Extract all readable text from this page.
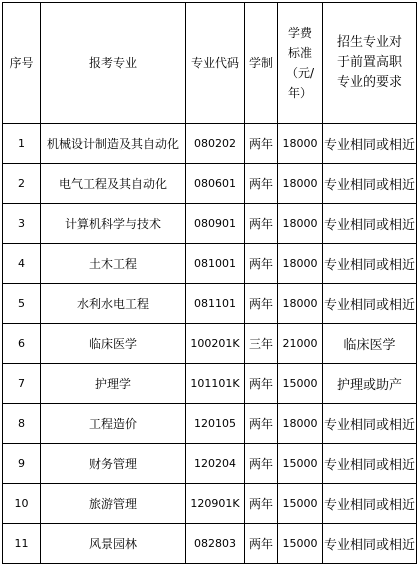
序号	报考专业	专业代码	学制	学费标准（元/年）	招生专业对于前置高职专业的要求

1	机械设计制造及其自动化	080202	两年	18000	专业相同或相近
2	电气工程及其自动化	080601	两年	18000	专业相同或相近
3	计算机科学与技术	080901	两年	18000	专业相同或相近
4	土木工程	081001	两年	18000	专业相同或相近
5	水利水电工程	081101	两年	18000	专业相同或相近
6	临床医学	100201K	三年	21000	临床医学
7	护理学	101101K	两年	15000	护理或助产
8	工程造价	120105	两年	18000	专业相同或相近
9	财务管理	120204	两年	15000	专业相同或相近
10	旅游管理	120901K	两年	15000	专业相同或相近
11	风景园林	082803	两年	15000	专业相同或相近
